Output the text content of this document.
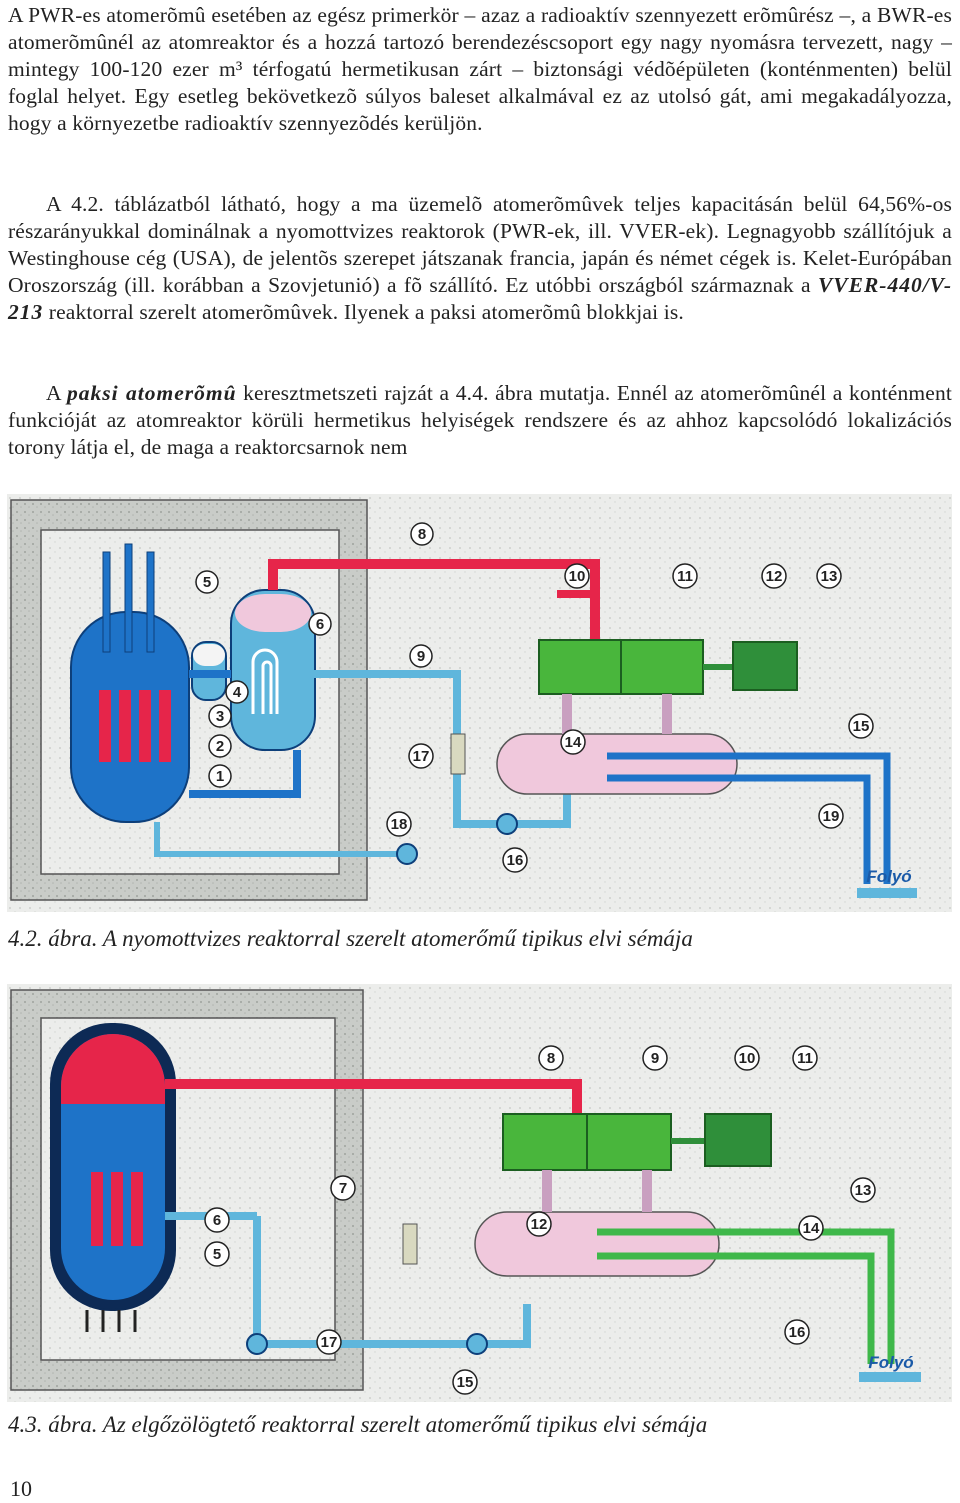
A PWR-es atomerõmû esetében az egész primerkör – azaz a radioaktív szennyezett erõmûrész –, a BWR-es atomerõmûnél az atomreaktor és a hozzá tartozó berendezéscsoport egy nagy nyomásra tervezett, nagy – mintegy 100-120 ezer m³ térfogatú hermetikusan zárt – biztonsági védõépületen (konténmenten) belül foglal helyet. Egy esetleg bekövetkezõ súlyos baleset alkalmával ez az utolsó gát, ami megakadályozza, hogy a környezetbe radioaktív szennyezõdés kerüljön.
A 4.2. táblázatból látható, hogy a ma üzemelõ atomerõmûvek teljes kapacitásán belül 64,56%-os részarányukkal dominálnak a nyomottvizes reaktorok (PWR-ek, ill. VVER-ek). Legnagyobb szállítójuk a Westinghouse cég (USA), de jelentõs szerepet játszanak francia, japán és német cégek is. Kelet-Európában Oroszország (ill. korábban a Szovjetunió) a fõ szállító. Ez utóbbi országból származnak a VVER-440/V-213 reaktorral szerelt atomerõmûvek. Ilyenek a paksi atomerõmû blokkjai is.
A paksi atomerõmû keresztmetszeti rajzát a 4.4. ábra mutatja. Ennél az atomerõmûnél a konténment funkcióját az atomreaktor körüli hermetikus helyiségek rendszere és az ahhoz kapcsolódó lokalizációs torony látja el, de maga a reaktorcsarnok nem
1
2
3
4
5
6
8
9
10	11	12	13
14
15
16
17
18	19
Folyó
4.2. ábra. A nyomottvizes reaktorral szerelt atomerőmű tipikus elvi sémája
5
6
7
8	9	10	11
12
13
14
15
16
17
Folyó
4.3. ábra. Az elgőzölögtető reaktorral szerelt atomerőmű tipikus elvi sémája
10
